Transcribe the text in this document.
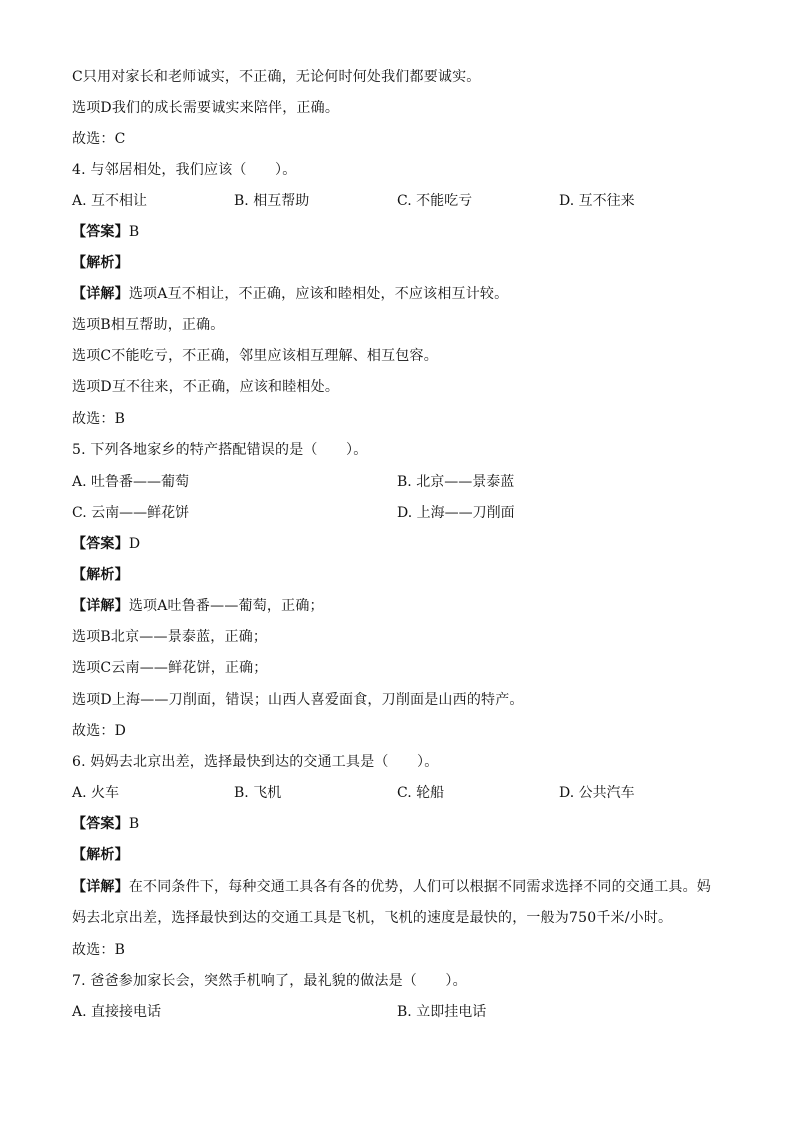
C只用对家长和老师诚实，不正确，无论何时何处我们都要诚实。
选项D我们的成长需要诚实来陪伴，正确。
故选：C
4. 与邻居相处，我们应该（　　）。
A. 互不相让	B. 相互帮助	C. 不能吃亏	D. 互不往来
【答案】B
【解析】
【详解】选项A互不相让，不正确，应该和睦相处，不应该相互计较。
选项B相互帮助，正确。
选项C不能吃亏，不正确，邻里应该相互理解、相互包容。
选项D互不往来，不正确，应该和睦相处。
故选：B
5. 下列各地家乡的特产搭配错误的是（　　）。
A. 吐鲁番——葡萄	B. 北京——景泰蓝
C. 云南——鲜花饼	D. 上海——刀削面
【答案】D
【解析】
【详解】选项A吐鲁番——葡萄，正确；
选项B北京——景泰蓝，正确；
选项C云南——鲜花饼，正确；
选项D上海——刀削面，错误；山西人喜爱面食，刀削面是山西的特产。
故选：D
6. 妈妈去北京出差，选择最快到达的交通工具是（　　）。
A. 火车	B. 飞机	C. 轮船	D. 公共汽车
【答案】B
【解析】
【详解】在不同条件下，每种交通工具各有各的优势，人们可以根据不同需求选择不同的交通工具。妈妈去北京出差，选择最快到达的交通工具是飞机，飞机的速度是最快的，一般为750千米/小时。
故选：B
7. 爸爸参加家长会，突然手机响了，最礼貌的做法是（　　）。
A. 直接接电话	B. 立即挂电话
